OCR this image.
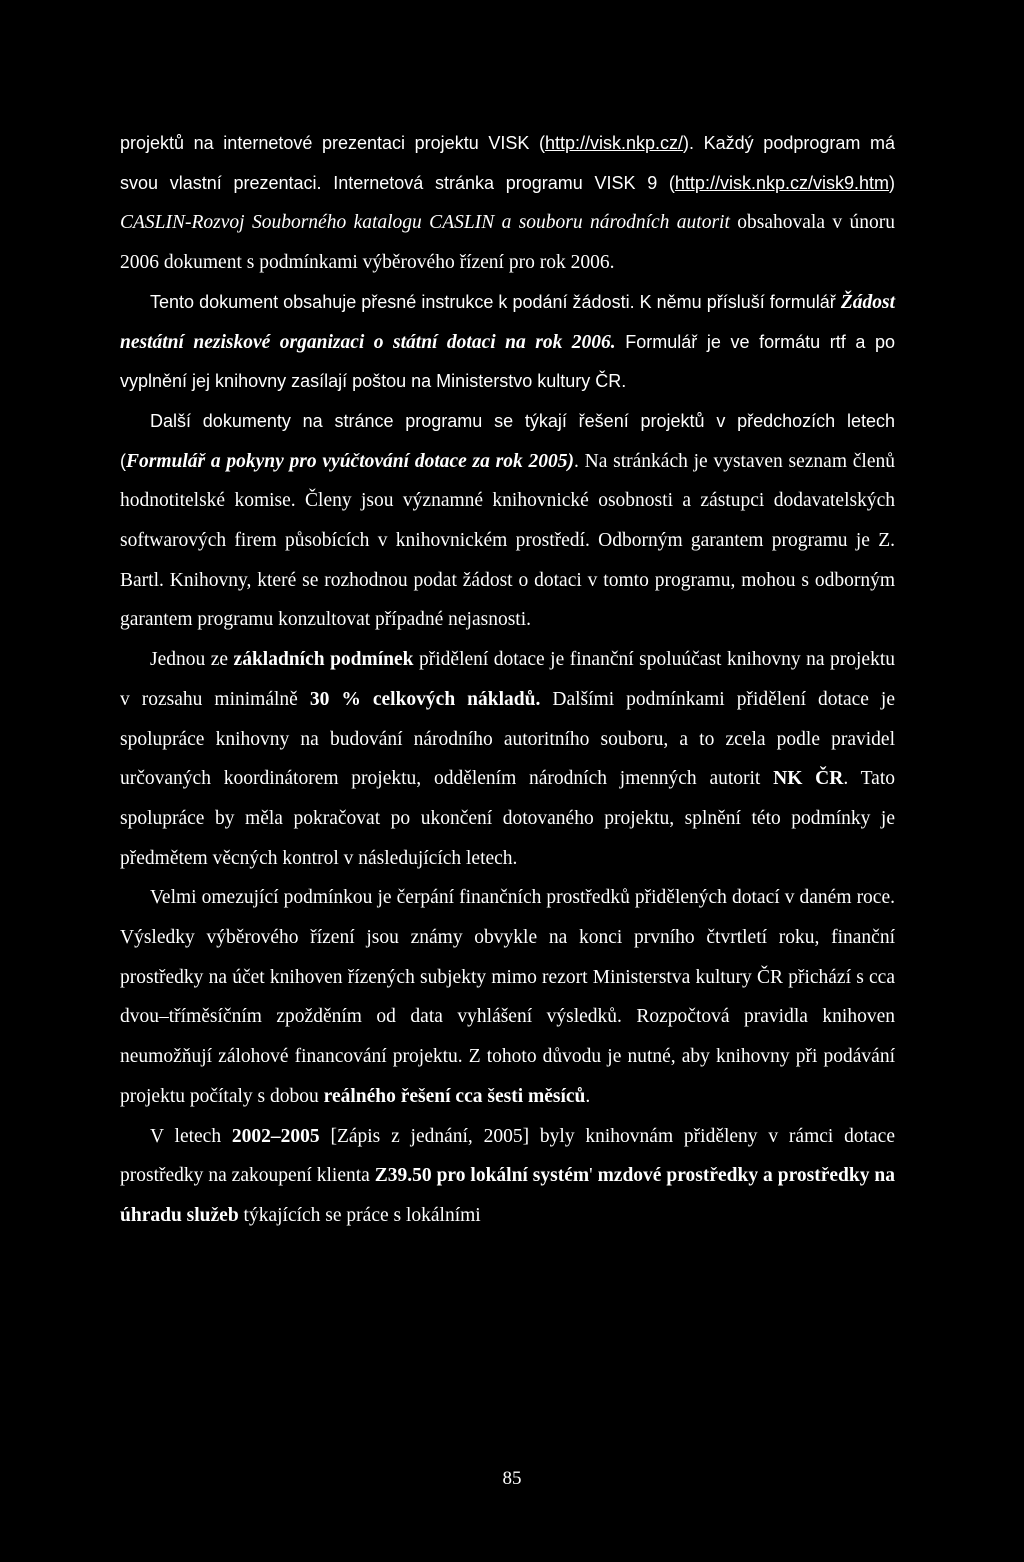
projektů na internetové prezentaci projektu VISK (http://visk.nkp.cz/). Každý podprogram má svou vlastní prezentaci. Internetová stránka programu VISK 9 (http://visk.nkp.cz/visk9.htm) CASLIN-Rozvoj Souborného katalogu CASLIN a souboru národních autorit obsahovala v únoru 2006 dokument s podmínkami výběrového řízení pro rok 2006.

Tento dokument obsahuje přesné instrukce k podání žádosti. K němu přísluší formulář Žádost nestátní neziskové organizaci o státní dotaci na rok 2006. Formulář je ve formátu rtf a po vyplnění jej knihovny zasílají poštou na Ministerstvo kultury ČR.

Další dokumenty na stránce programu se týkají řešení projektů v předchozích letech (Formulář a pokyny pro vyúčtování dotace za rok 2005). Na stránkách je vystaven seznam členů hodnotitelské komise. Členy jsou významné knihovnické osobnosti a zástupci dodavatelských softwarových firem působících v knihovnickém prostředí. Odborným garantem programu je Z. Bartl. Knihovny, které se rozhodnou podat žádost o dotaci v tomto programu, mohou s odborným garantem programu konzultovat případné nejasnosti.

Jednou ze základních podmínek přidělení dotace je finanční spoluúčast knihovny na projektu v rozsahu minimálně 30 % celkových nákladů. Dalšími podmínkami přidělení dotace je spolupráce knihovny na budování národního autoritního souboru, a to zcela podle pravidel určovaných koordinátorem projektu, oddělením národních jmenných autorit NK ČR. Tato spolupráce by měla pokračovat po ukončení dotovaného projektu, splnění této podmínky je předmětem věcných kontrol v následujících letech.

Velmi omezující podmínkou je čerpání finančních prostředků přidělených dotací v daném roce. Výsledky výběrového řízení jsou známy obvykle na konci prvního čtvrtletí roku, finanční prostředky na účet knihoven řízených subjekty mimo rezort Ministerstva kultury ČR přichází s cca dvou–tříměsíčním zpožděním od data vyhlášení výsledků. Rozpočtová pravidla knihoven neumožňují zálohové financování projektu. Z tohoto důvodu je nutné, aby knihovny při podávání projektu počítaly s dobou reálného řešení cca šesti měsíců.

V letech 2002–2005 [Zápis z jednání, 2005] byly knihovnám přiděleny v rámci dotace prostředky na zakoupení klienta Z39.50 pro lokální systém' mzdové prostředky a prostředky na úhradu služeb týkajících se práce s lokálními

85
